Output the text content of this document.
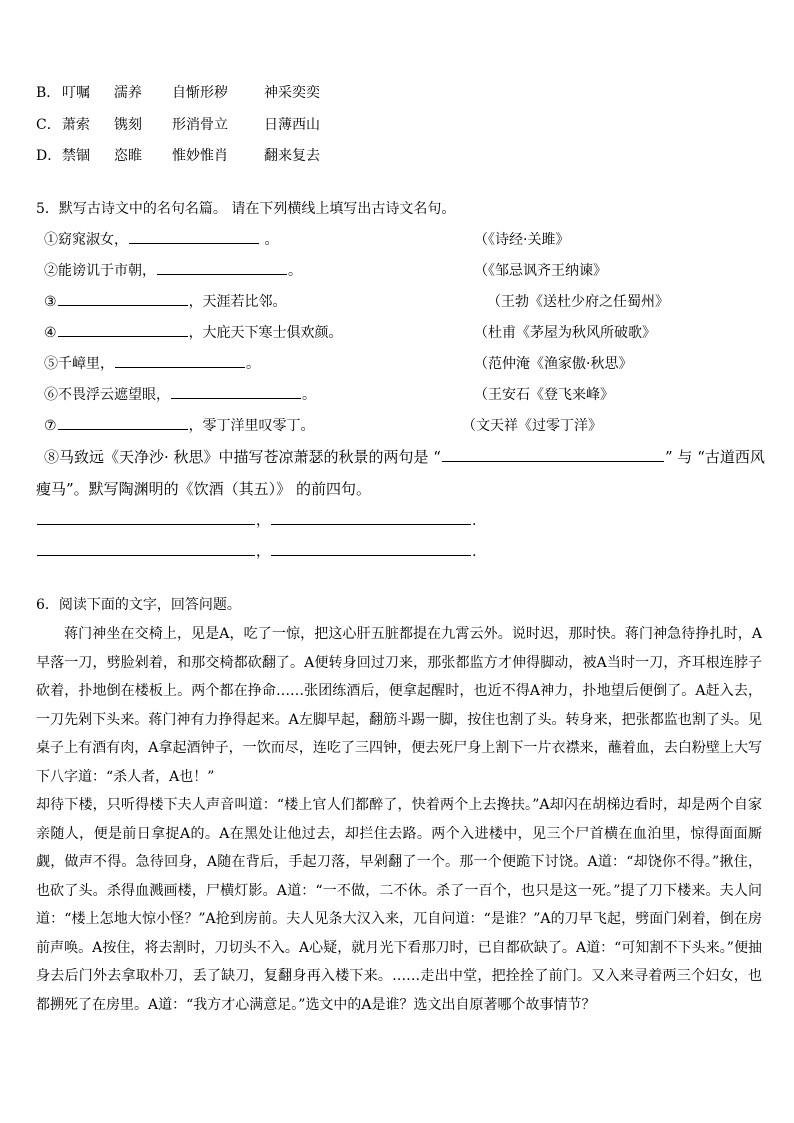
B． 叮嘱 濡养 自惭形秽	神采奕奕
C． 萧索 镌刻 形消骨立	日薄西山
D． 禁锢 恣睢 惟妙惟肖	翻来复去
5．默写古诗文中的名句名篇。 请在下列横线上填写出古诗文名句。
①窈窕淑女，	。	（《诗经·关雎》
②能谤讥于市朝，	。	（《邹忌讽齐王纳谏》
③	，天涯若比邻。	（王勃《送杜少府之任蜀州》
④	，大庇天下寒士俱欢颜。	（杜甫《茅屋为秋风所破歌》
⑤千嶂里，	。	（范仲淹《渔家傲·秋思》
⑥不畏浮云遮望眼，	。	（王安石《登飞来峰》
⑦	，零丁洋里叹零丁。	（文天祥《过零丁洋》
⑧马致远《天净沙· 秋思》中描写苍凉萧瑟的秋景的两句是 “	” 与 “古道西风
瘦马”。默写陶渊明的《饮酒（其五）》 的前四句。
，	.
，	.
6．阅读下面的文字，回答问题。

蒋门神坐在交椅上，见是A，吃了一惊，把这心肝五脏都提在九霄云外。说时迟，那时快。蒋门神急待挣扎时，A早落一刀，劈脸剁着，和那交椅都砍翻了。A便转身回过刀来，那张都监方才伸得脚动，被A当时一刀，齐耳根连脖子砍着，扑地倒在楼板上。两个都在挣命……张团练酒后，便拿起醒时，也近不得A神力，扑地望后便倒了。A赶入去，一刀先剁下头来。蒋门神有力挣得起来。A左脚早起，翻筋斗踢一脚，按住也割了头。转身来，把张都监也割了头。见桌子上有酒有肉，A拿起酒钟子，一饮而尽，连吃了三四钟，便去死尸身上割下一片衣襟来，蘸着血，去白粉壁上大写下八字道：“杀人者，A也！”

却待下楼，只听得楼下夫人声音叫道：“楼上官人们都醉了，快着两个上去搀扶。”A却闪在胡梯边看时，却是两个自家亲随人，便是前日拿捉A的。A在黑处让他过去，却拦住去路。两个入进楼中，见三个尸首横在血泊里，惊得面面厮觑，做声不得。急待回身，A随在背后，手起刀落，早剁翻了一个。那一个便跪下讨饶。A道：“却饶你不得。”揪住，也砍了头。杀得血溅画楼，尸横灯影。A道：“一不做，二不休。杀了一百个，也只是这一死。”提了刀下楼来。夫人问道：“楼上怎地大惊小怪？”A抢到房前。夫人见条大汉入来，兀自问道：“是谁？”A的刀早飞起，劈面门剁着，倒在房前声唤。A按住，将去割时，刀切头不入。A心疑，就月光下看那刀时，已自都砍缺了。A道：“可知割不下头来。”便抽身去后门外去拿取朴刀，丢了缺刀，复翻身再入楼下来。……走出中堂，把拴拴了前门。又入来寻着两三个妇女，也都搠死了在房里。A道：“我方才心满意足。”选文中的A是谁？选文出自原著哪个故事情节？
